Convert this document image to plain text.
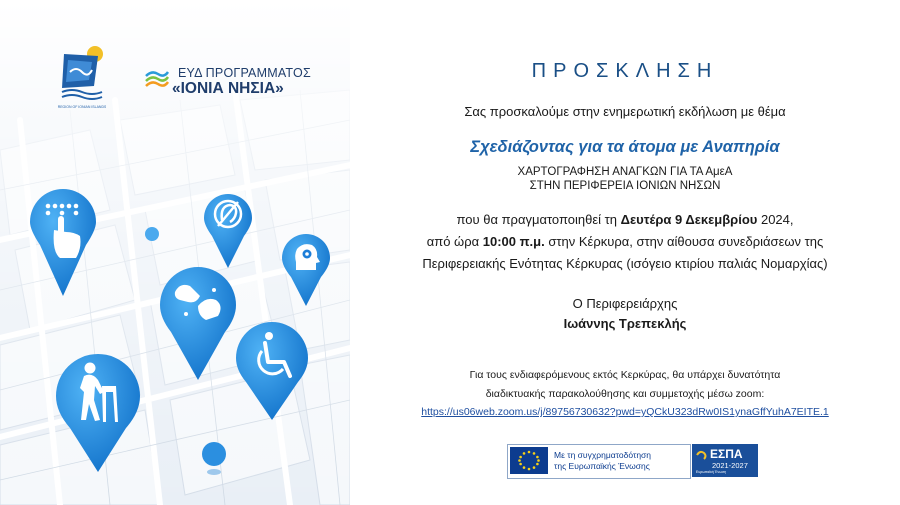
REGION OF IONIAN ISLANDS
ΕΥΔ ΠΡΟΓΡΑΜΜΑΤΟΣ
«ΙΟΝΙΑ ΝΗΣΙΑ»
ΠΡΟΣΚΛΗΣΗ
Σας προσκαλούμε στην ενημερωτική εκδήλωση με θέμα
Σχεδιάζοντας για τα άτομα με Αναπηρία
ΧΑΡΤΟΓΡΑΦΗΣΗ ΑΝΑΓΚΩΝ ΓΙΑ ΤΑ ΑμεΑ
ΣΤΗΝ ΠΕΡΙΦΕΡΕΙΑ ΙΟΝΙΩΝ ΝΗΣΩΝ
που θα πραγματοποιηθεί τη Δευτέρα 9 Δεκεμβρίου 2024,
από ώρα 10:00 π.μ. στην Κέρκυρα, στην αίθουσα συνεδριάσεων της
Περιφερειακής Ενότητας Κέρκυρας (ισόγειο κτιρίου παλιάς Νομαρχίας)
Ο Περιφερειάρχης
Ιωάννης Τρεπεκλής
Για τους ενδιαφερόμενους εκτός Κερκύρας, θα υπάρχει δυνατότητα
διαδικτυακής παρακολούθησης και συμμετοχής μέσω zoom:
https://us06web.zoom.us/j/89756730632?pwd=yQCkU323dRw0IS1ynaGffYuhA7EITE.1
Με τη συγχρηματοδότηση
της Ευρωπαϊκής Ένωσης
ΕΣΠΑ
2021-2027
Ευρωπαϊκή Ένωση
